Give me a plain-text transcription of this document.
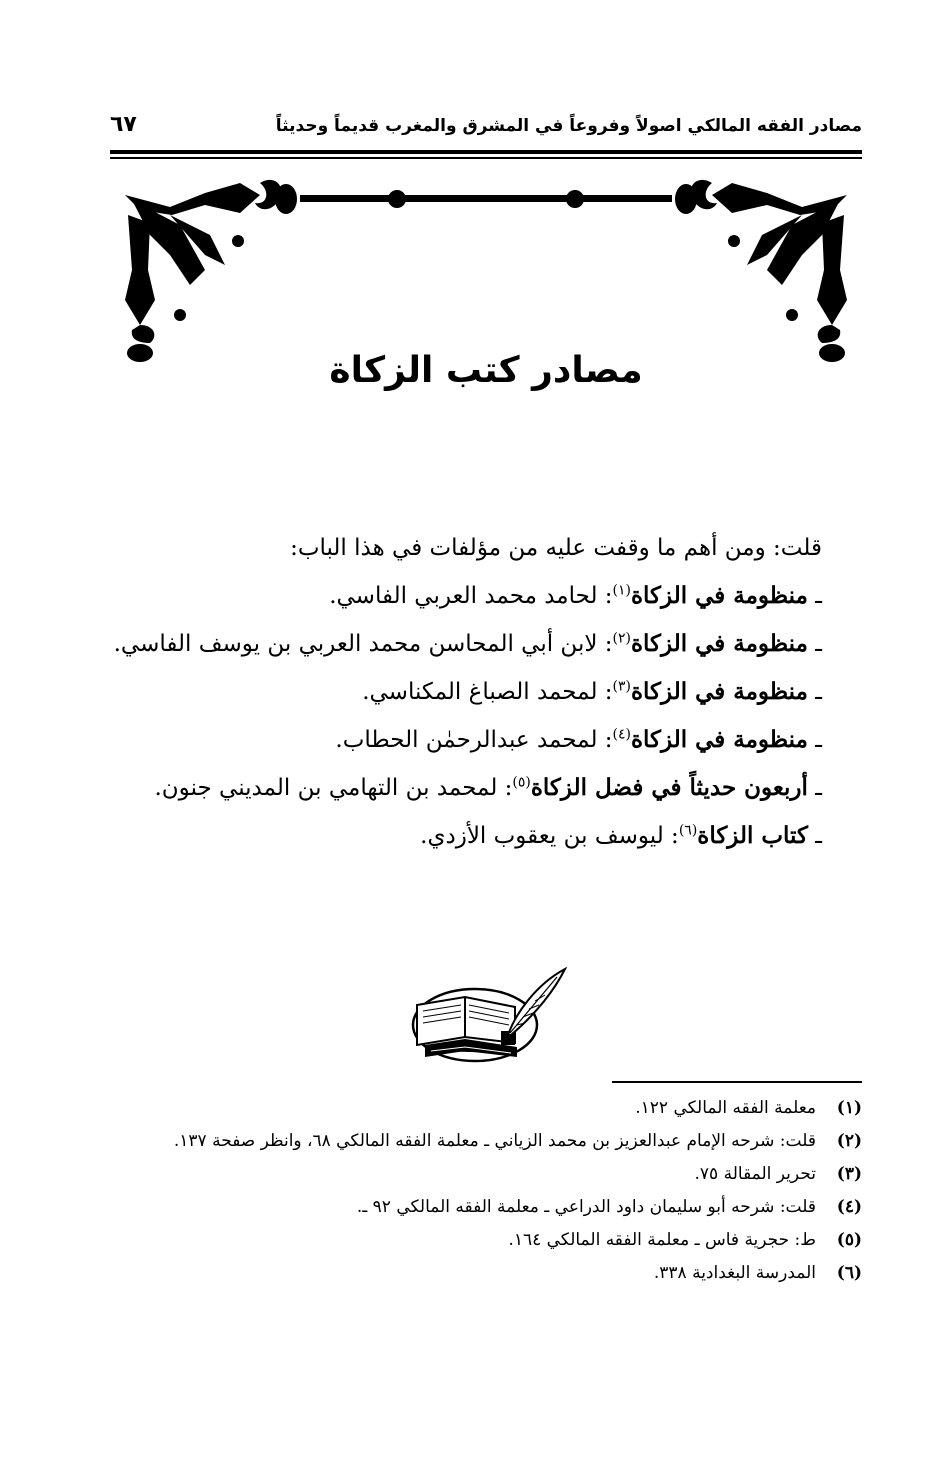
مصادر الفقه المالكي اصولاً وفروعاً في المشرق والمغرب قديماً وحديثاً
٦٧
مصادر كتب الزكاة

قلت: ومن أهم ما وقفت عليه من مؤلفات في هذا الباب:

ـ منظومة في الزكاة$^{(١)}$: لحامد محمد العربي الفاسي.

ـ منظومة في الزكاة$^{(٢)}$: لابن أبي المحاسن محمد العربي بن يوسف الفاسي.

ـ منظومة في الزكاة$^{(٣)}$: لمحمد الصباغ المكناسي.

ـ منظومة في الزكاة$^{(٤)}$: لمحمد عبدالرحمٰن الحطاب.

ـ أربعون حديثاً في فضل الزكاة$^{(٥)}$: لمحمد بن التهامي بن المديني جنون.

ـ كتاب الزكاة$^{(٦)}$: ليوسف بن يعقوب الأزدي.

(١)
معلمة الفقه المالكي ١٢٢.

(٢)
قلت: شرحه الإمام عبدالعزيز بن محمد الزياني ـ معلمة الفقه المالكي ٦٨، وانظر صفحة ١٣٧.

(٣)
تحرير المقالة ٧٥.

(٤)
قلت: شرحه أبو سليمان داود الدراعي ـ معلمة الفقه المالكي ٩٢ ـ.

(٥)
ط: حجرية فاس ـ معلمة الفقه المالكي ١٦٤.

(٦)
المدرسة البغدادية ٣٣٨.
